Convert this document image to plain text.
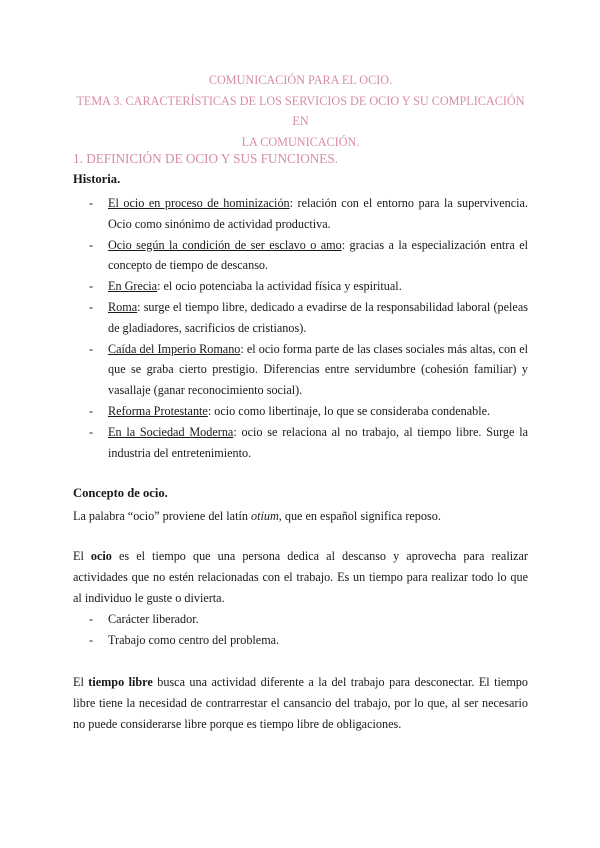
COMUNICACIÓN PARA EL OCIO.
TEMA 3. CARACTERÍSTICAS DE LOS SERVICIOS DE OCIO Y SU COMPLICACIÓN EN
LA COMUNICACIÓN.
1. DEFINICIÓN DE OCIO Y SUS FUNCIONES.
Historia.
- El ocio en proceso de hominización: relación con el entorno para la supervivencia. Ocio como sinónimo de actividad productiva.
- Ocio según la condición de ser esclavo o amo: gracias a la especialización entra el concepto de tiempo de descanso.
- En Grecia: el ocio potenciaba la actividad física y espiritual.
- Roma: surge el tiempo libre, dedicado a evadirse de la responsabilidad laboral (peleas de gladiadores, sacrificios de cristianos).
- Caída del Imperio Romano: el ocio forma parte de las clases sociales más altas, con el que se graba cierto prestigio. Diferencias entre servidumbre (cohesión familiar) y vasallaje (ganar reconocimiento social).
- Reforma Protestante: ocio como libertinaje, lo que se consideraba condenable.
- En la Sociedad Moderna: ocio se relaciona al no trabajo, al tiempo libre. Surge la industria del entretenimiento.
Concepto de ocio.
La palabra “ocio” proviene del latín otium, que en español significa reposo.
El ocio es el tiempo que una persona dedica al descanso y aprovecha para realizar actividades que no estén relacionadas con el trabajo. Es un tiempo para realizar todo lo que al individuo le guste o divierta.
- Carácter liberador.
- Trabajo como centro del problema.
El tiempo libre busca una actividad diferente a la del trabajo para desconectar. El tiempo libre tiene la necesidad de contrarrestar el cansancio del trabajo, por lo que, al ser necesario no puede considerarse libre porque es tiempo libre de obligaciones.
